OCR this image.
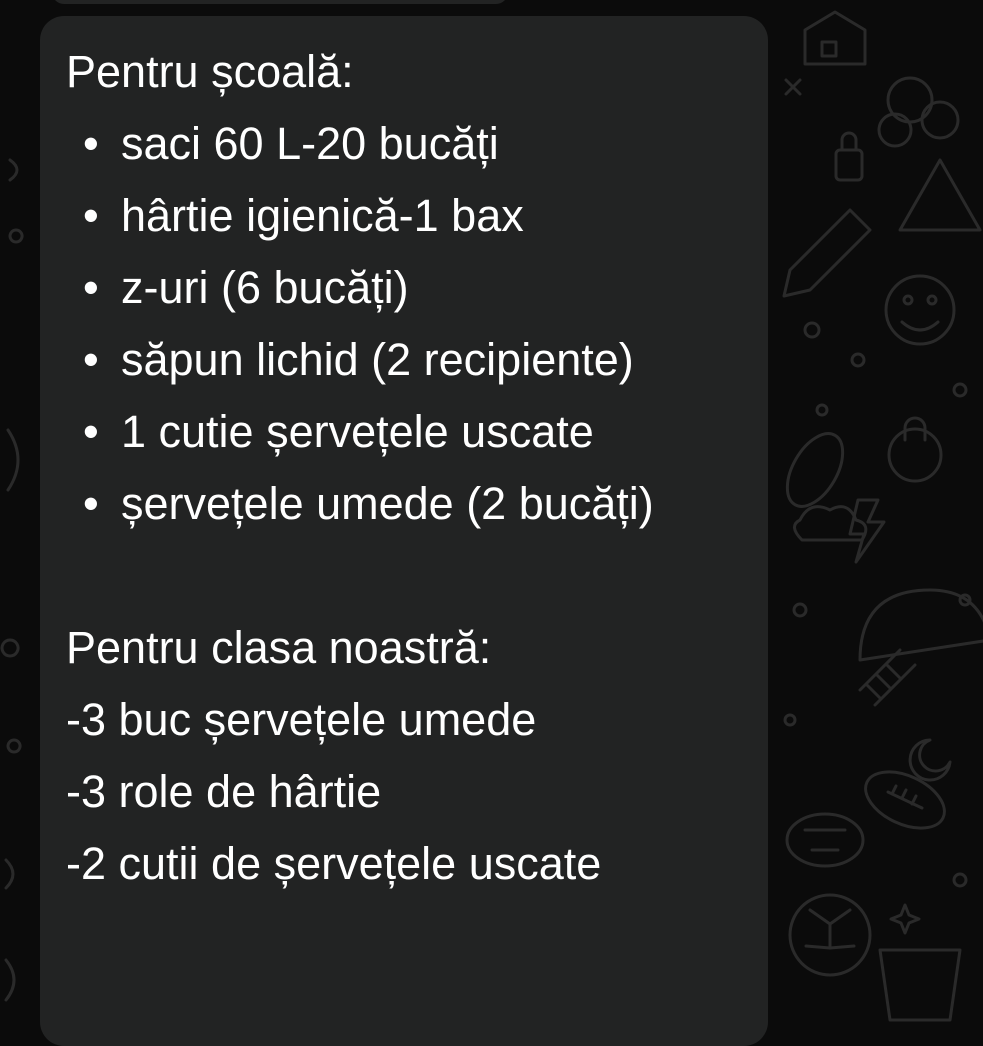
Pentru școală:

• saci 60 L-20 bucăți
• hârtie igienică-1 bax
• z-uri (6 bucăți)
• săpun lichid (2 recipiente)
• 1 cutie șervețele uscate
• șervețele umede (2 bucăți)

Pentru clasa noastră:

-3 buc șervețele umede

-3 role de hârtie

-2 cutii de șervețele uscate
